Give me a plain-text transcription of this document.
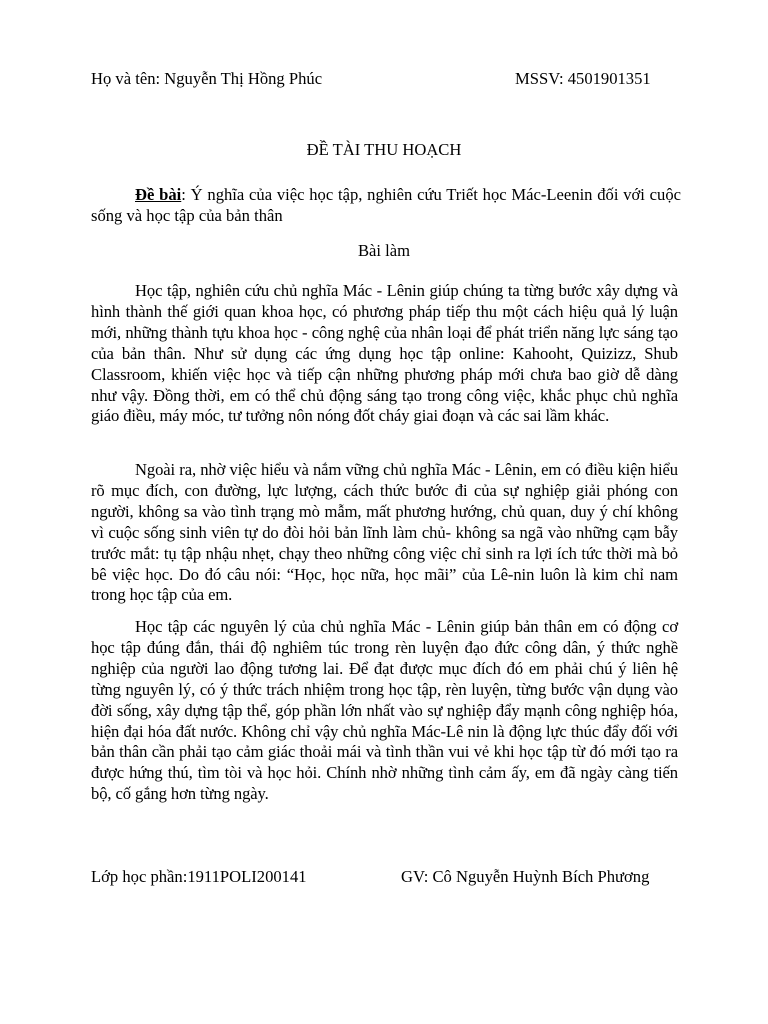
Họ và tên: Nguyễn Thị Hồng Phúc	MSSV: 4501901351
ĐỀ TÀI THU HOẠCH
Đề bài: Ý nghĩa của việc học tập, nghiên cứu Triết học Mác-Leenin đối với cuộc sống và học tập của bản thân
Bài làm
Học tập, nghiên cứu chủ nghĩa Mác - Lênin giúp chúng ta từng bước xây dựng và hình thành thế giới quan khoa học, có phương pháp tiếp thu một cách hiệu quả lý luận mới, những thành tựu khoa học - công nghệ của nhân loại để phát triển năng lực sáng tạo của bản thân. Như sử dụng các ứng dụng học tập online: Kahooht, Quizizz, Shub Classroom, khiến việc học và tiếp cận những phương pháp mới chưa bao giờ dễ dàng như vậy. Đồng thời, em có thể chủ động sáng tạo trong công việc, khắc phục chủ nghĩa giáo điều, máy móc, tư tưởng nôn nóng đốt cháy giai đoạn và các sai lầm khác.
Ngoài ra, nhờ việc hiểu và nắm vững chủ nghĩa Mác - Lênin, em có điều kiện hiểu rõ mục đích, con đường, lực lượng, cách thức bước đi của sự nghiệp giải phóng con người, không sa vào tình trạng mò mẫm, mất phương hướng, chủ quan, duy ý chí không vì cuộc sống sinh viên tự do đòi hỏi bản lĩnh làm chủ- không sa ngã vào những cạm bẫy trước mắt: tụ tập nhậu nhẹt, chạy theo những công việc chỉ sinh ra lợi ích tức thời mà bỏ bê việc học. Do đó câu nói: “Học, học nữa, học mãi” của Lê-nin luôn là kim chỉ nam trong học tập của em.
Học tập các nguyên lý của chủ nghĩa Mác - Lênin giúp bản thân em có động cơ học tập đúng đắn, thái độ nghiêm túc trong rèn luyện đạo đức công dân, ý thức nghề nghiệp của người lao động tương lai. Để đạt được mục đích đó em phải chú ý liên hệ từng nguyên lý, có ý thức trách nhiệm trong học tập, rèn luyện, từng bước vận dụng vào đời sống, xây dựng tập thể, góp phần lớn nhất vào sự nghiệp đẩy mạnh công nghiệp hóa, hiện đại hóa đất nước. Không chỉ vậy chủ nghĩa Mác-Lê nin là động lực thúc đẩy đối với bản thân cần phải tạo cảm giác thoải mái và tình thần vui vẻ khi học tập từ đó mới tạo ra được hứng thú, tìm tòi và học hỏi. Chính nhờ những tình cảm ấy, em đã ngày càng tiến bộ, cố gắng hơn từng ngày.
Lớp học phần:1911POLI200141	GV: Cô Nguyễn Huỳnh Bích Phương
